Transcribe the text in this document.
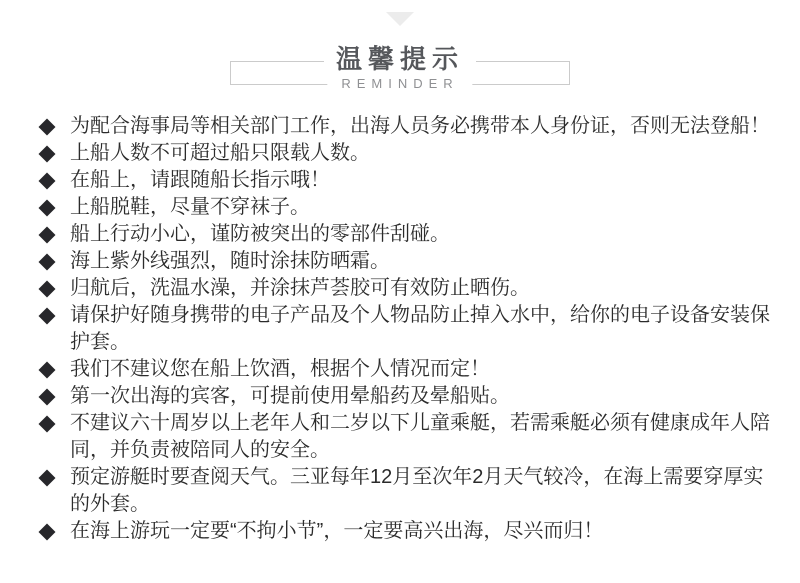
温馨提示
REMINDER
为配合海事局等相关部门工作，出海人员务必携带本人身份证，否则无法登船！
上船人数不可超过船只限载人数。
在船上，请跟随船长指示哦！
上船脱鞋，尽量不穿袜子。
船上行动小心，谨防被突出的零部件刮碰。
海上紫外线强烈，随时涂抹防晒霜。
归航后，洗温水澡，并涂抹芦荟胶可有效防止晒伤。
请保护好随身携带的电子产品及个人物品防止掉入水中，给你的电子设备安装保
护套。
我们不建议您在船上饮酒，根据个人情况而定！
第一次出海的宾客，可提前使用晕船药及晕船贴。
不建议六十周岁以上老年人和二岁以下儿童乘艇，若需乘艇必须有健康成年人陪
同，并负责被陪同人的安全。
预定游艇时要查阅天气。三亚每年12月至次年2月天气较冷，在海上需要穿厚实
的外套。
在海上游玩一定要“不拘小节”，一定要高兴出海，尽兴而归！
